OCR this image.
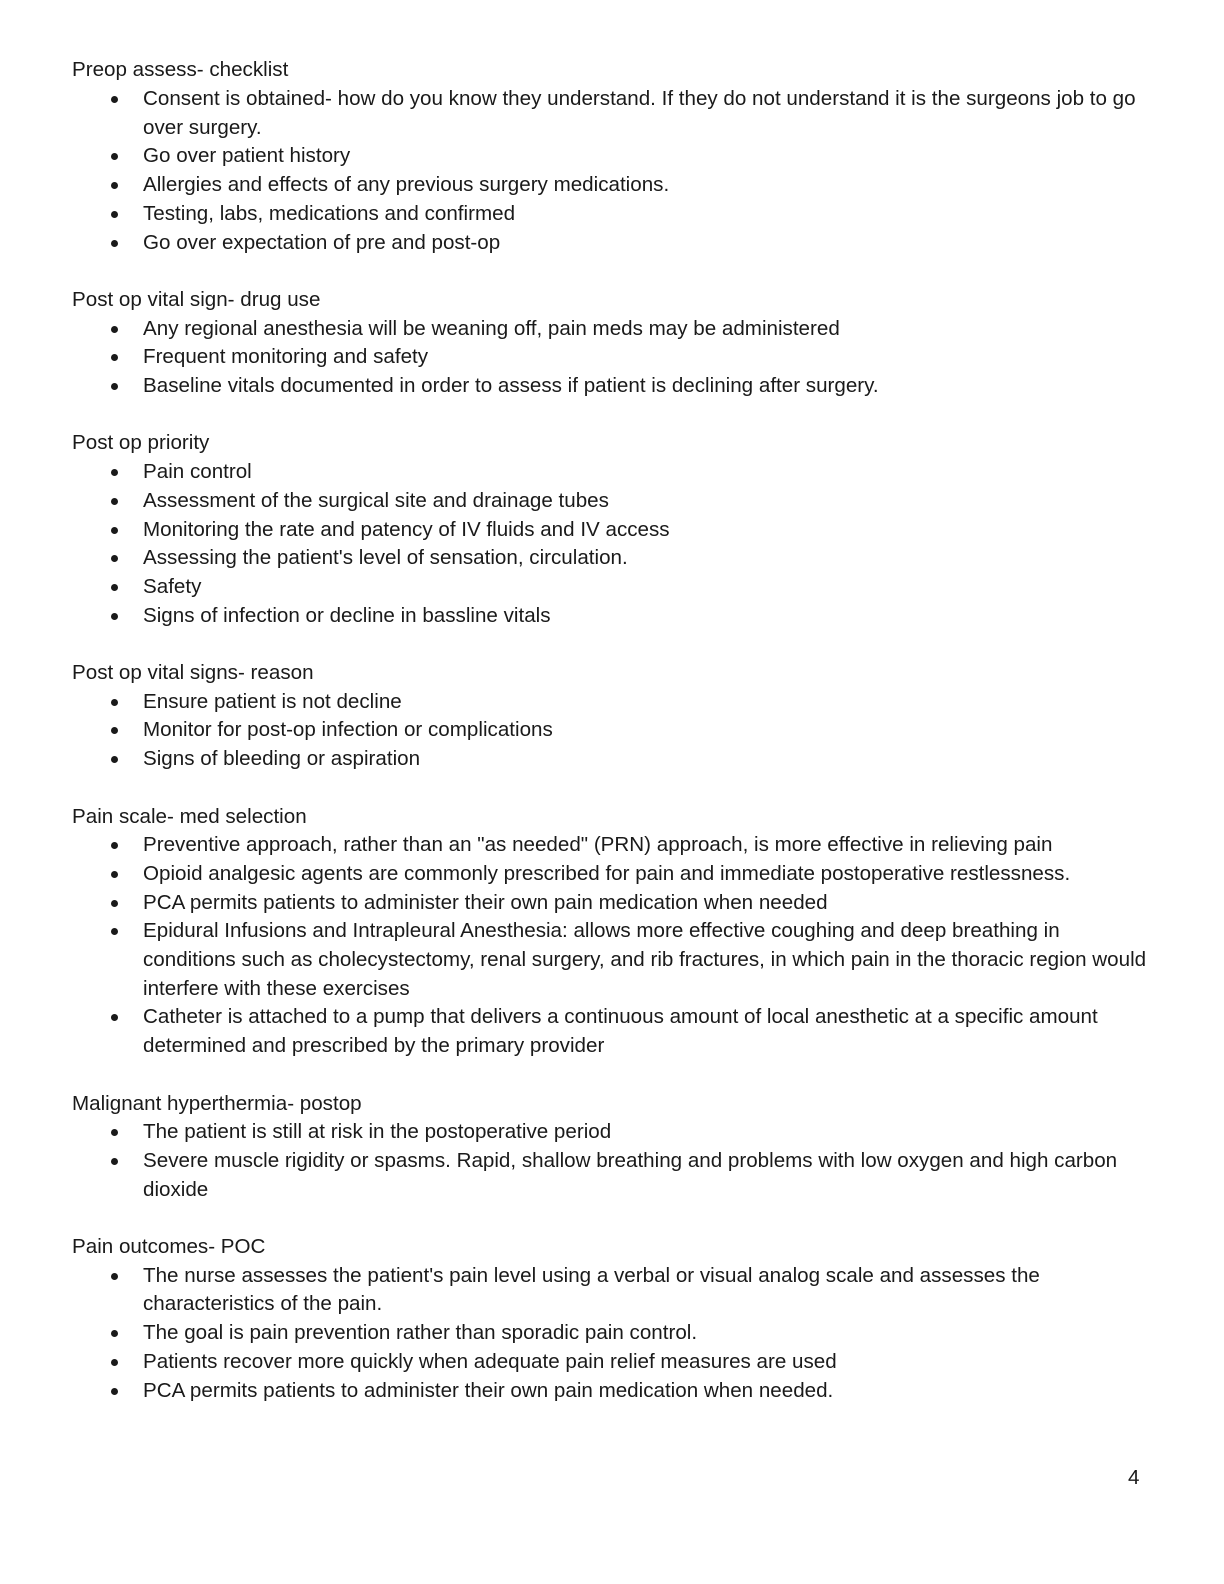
Preop assess- checklist

Consent is obtained- how do you know they understand. If they do not understand it is the surgeons job to go over surgery.
Go over patient history
Allergies and effects of any previous surgery medications.
Testing, labs, medications and confirmed
Go over expectation of pre and post-op

Post op vital sign- drug use

Any regional anesthesia will be weaning off, pain meds may be administered
Frequent monitoring and safety
Baseline vitals documented in order to assess if patient is declining after surgery.

Post op priority

Pain control
Assessment of the surgical site and drainage tubes
Monitoring the rate and patency of IV fluids and IV access
Assessing the patient's level of sensation, circulation.
Safety
Signs of infection or decline in bassline vitals

Post op vital signs- reason

Ensure patient is not decline
Monitor for post-op infection or complications
Signs of bleeding or aspiration

Pain scale- med selection

Preventive approach, rather than an "as needed" (PRN) approach, is more effective in relieving pain
Opioid analgesic agents are commonly prescribed for pain and immediate postoperative restlessness.
PCA permits patients to administer their own pain medication when needed
Epidural Infusions and Intrapleural Anesthesia: allows more effective coughing and deep breathing in conditions such as cholecystectomy, renal surgery, and rib fractures, in which pain in the thoracic region would interfere with these exercises
Catheter is attached to a pump that delivers a continuous amount of local anesthetic at a specific amount determined and prescribed by the primary provider

Malignant hyperthermia- postop

The patient is still at risk in the postoperative period
Severe muscle rigidity or spasms. Rapid, shallow breathing and problems with low oxygen and high carbon dioxide

Pain outcomes- POC

The nurse assesses the patient's pain level using a verbal or visual analog scale and assesses the characteristics of the pain.
The goal is pain prevention rather than sporadic pain control.
Patients recover more quickly when adequate pain relief measures are used
PCA permits patients to administer their own pain medication when needed.
4
